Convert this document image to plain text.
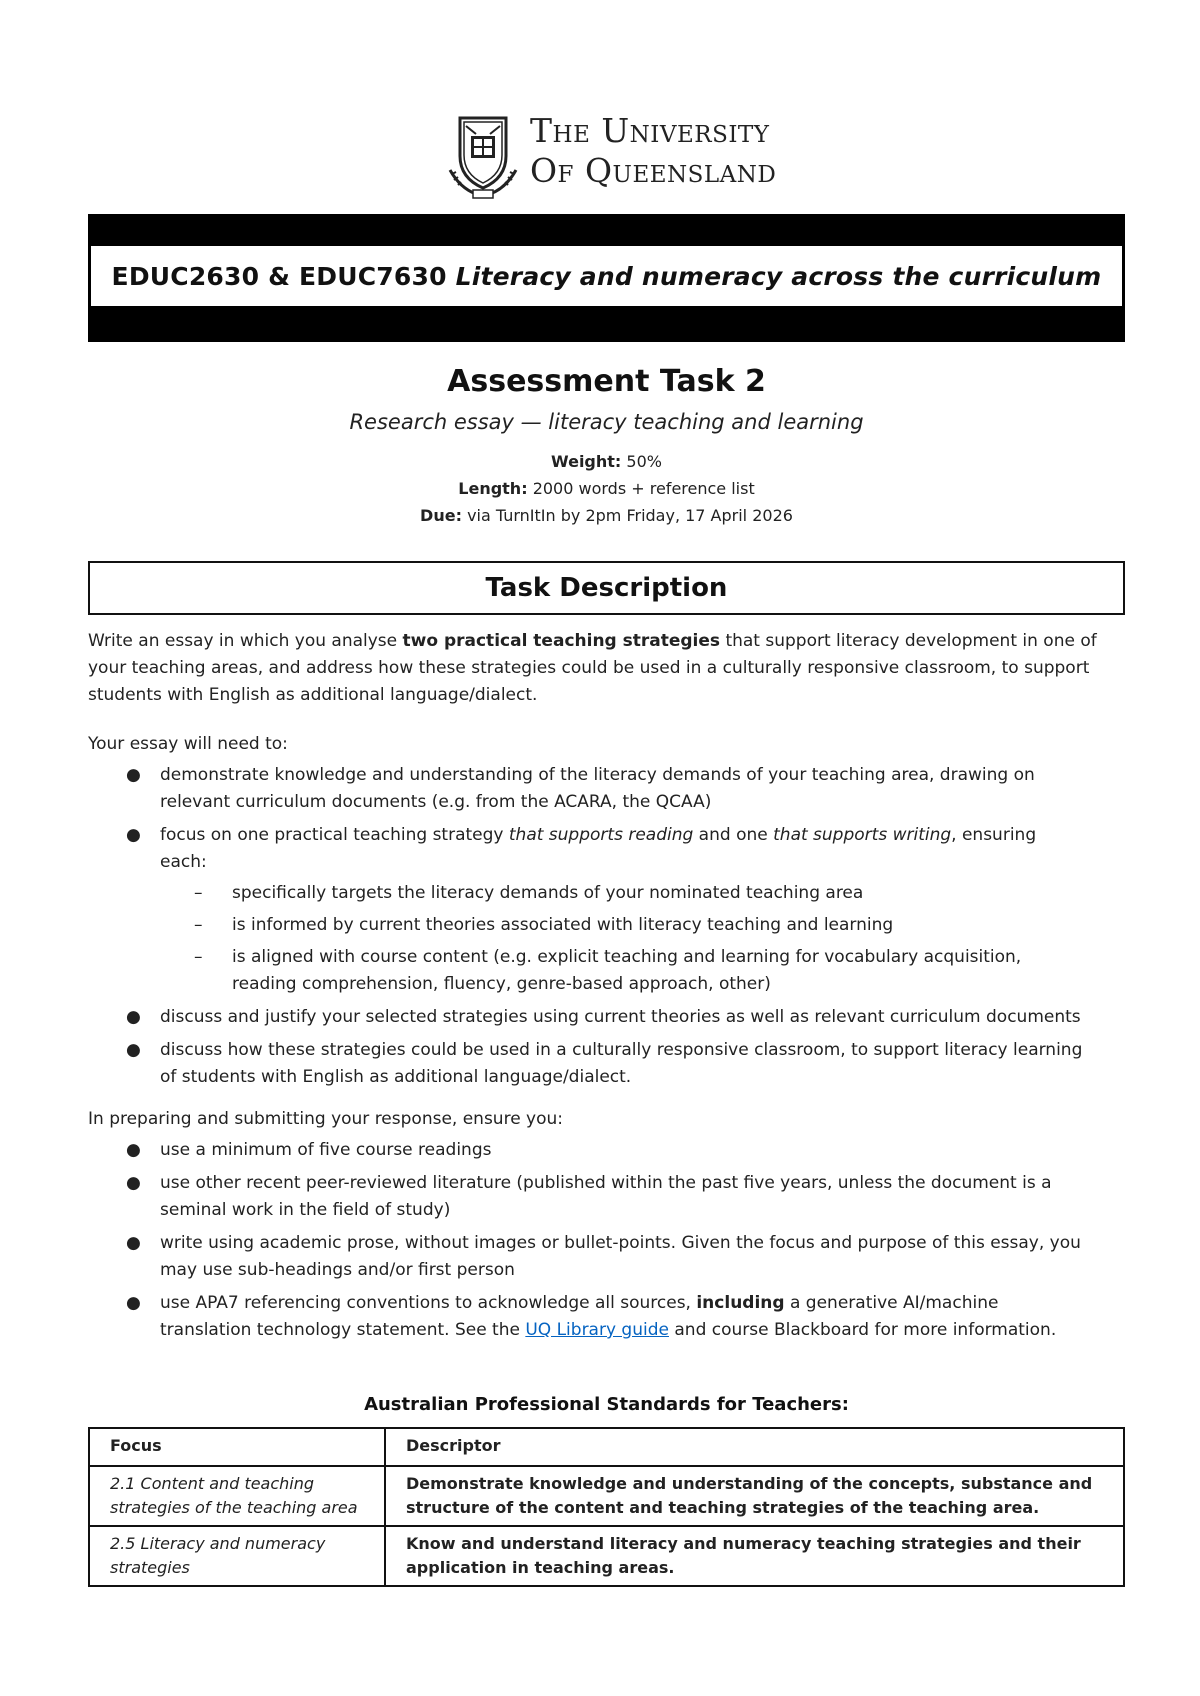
The University
Of Queensland
EDUC2630 & EDUC7630 Literacy and numeracy across the curriculum
Assessment Task 2
Research essay — literacy teaching and learning
Weight: 50%
Length: 2000 words + reference list
Due: via TurnItIn by 2pm Friday, 17 April 2026
Task Description
Write an essay in which you analyse two practical teaching strategies that support literacy development in one of your teaching areas, and address how these strategies could be used in a culturally responsive classroom, to support students with English as additional language/dialect.
Your essay will need to:
● demonstrate knowledge and understanding of the literacy demands of your teaching area, drawing on relevant curriculum documents (e.g. from the ACARA, the QCAA)
● focus on one practical teaching strategy that supports reading and one that supports writing, ensuring each:
– specifically targets the literacy demands of your nominated teaching area
– is informed by current theories associated with literacy teaching and learning
– is aligned with course content (e.g. explicit teaching and learning for vocabulary acquisition, reading comprehension, fluency, genre-based approach, other)
● discuss and justify your selected strategies using current theories as well as relevant curriculum documents
● discuss how these strategies could be used in a culturally responsive classroom, to support literacy learning of students with English as additional language/dialect.
In preparing and submitting your response, ensure you:
● use a minimum of five course readings
● use other recent peer-reviewed literature (published within the past five years, unless the document is a seminal work in the field of study)
● write using academic prose, without images or bullet-points. Given the focus and purpose of this essay, you may use sub-headings and/or first person
● use APA7 referencing conventions to acknowledge all sources, including a generative AI/machine translation technology statement. See the UQ Library guide and course Blackboard for more information.
Australian Professional Standards for Teachers:
Focus	Descriptor
2.1 Content and teaching strategies of the teaching area	Demonstrate knowledge and understanding of the concepts, substance and structure of the content and teaching strategies of the teaching area.
2.5 Literacy and numeracy strategies	Know and understand literacy and numeracy teaching strategies and their application in teaching areas.
